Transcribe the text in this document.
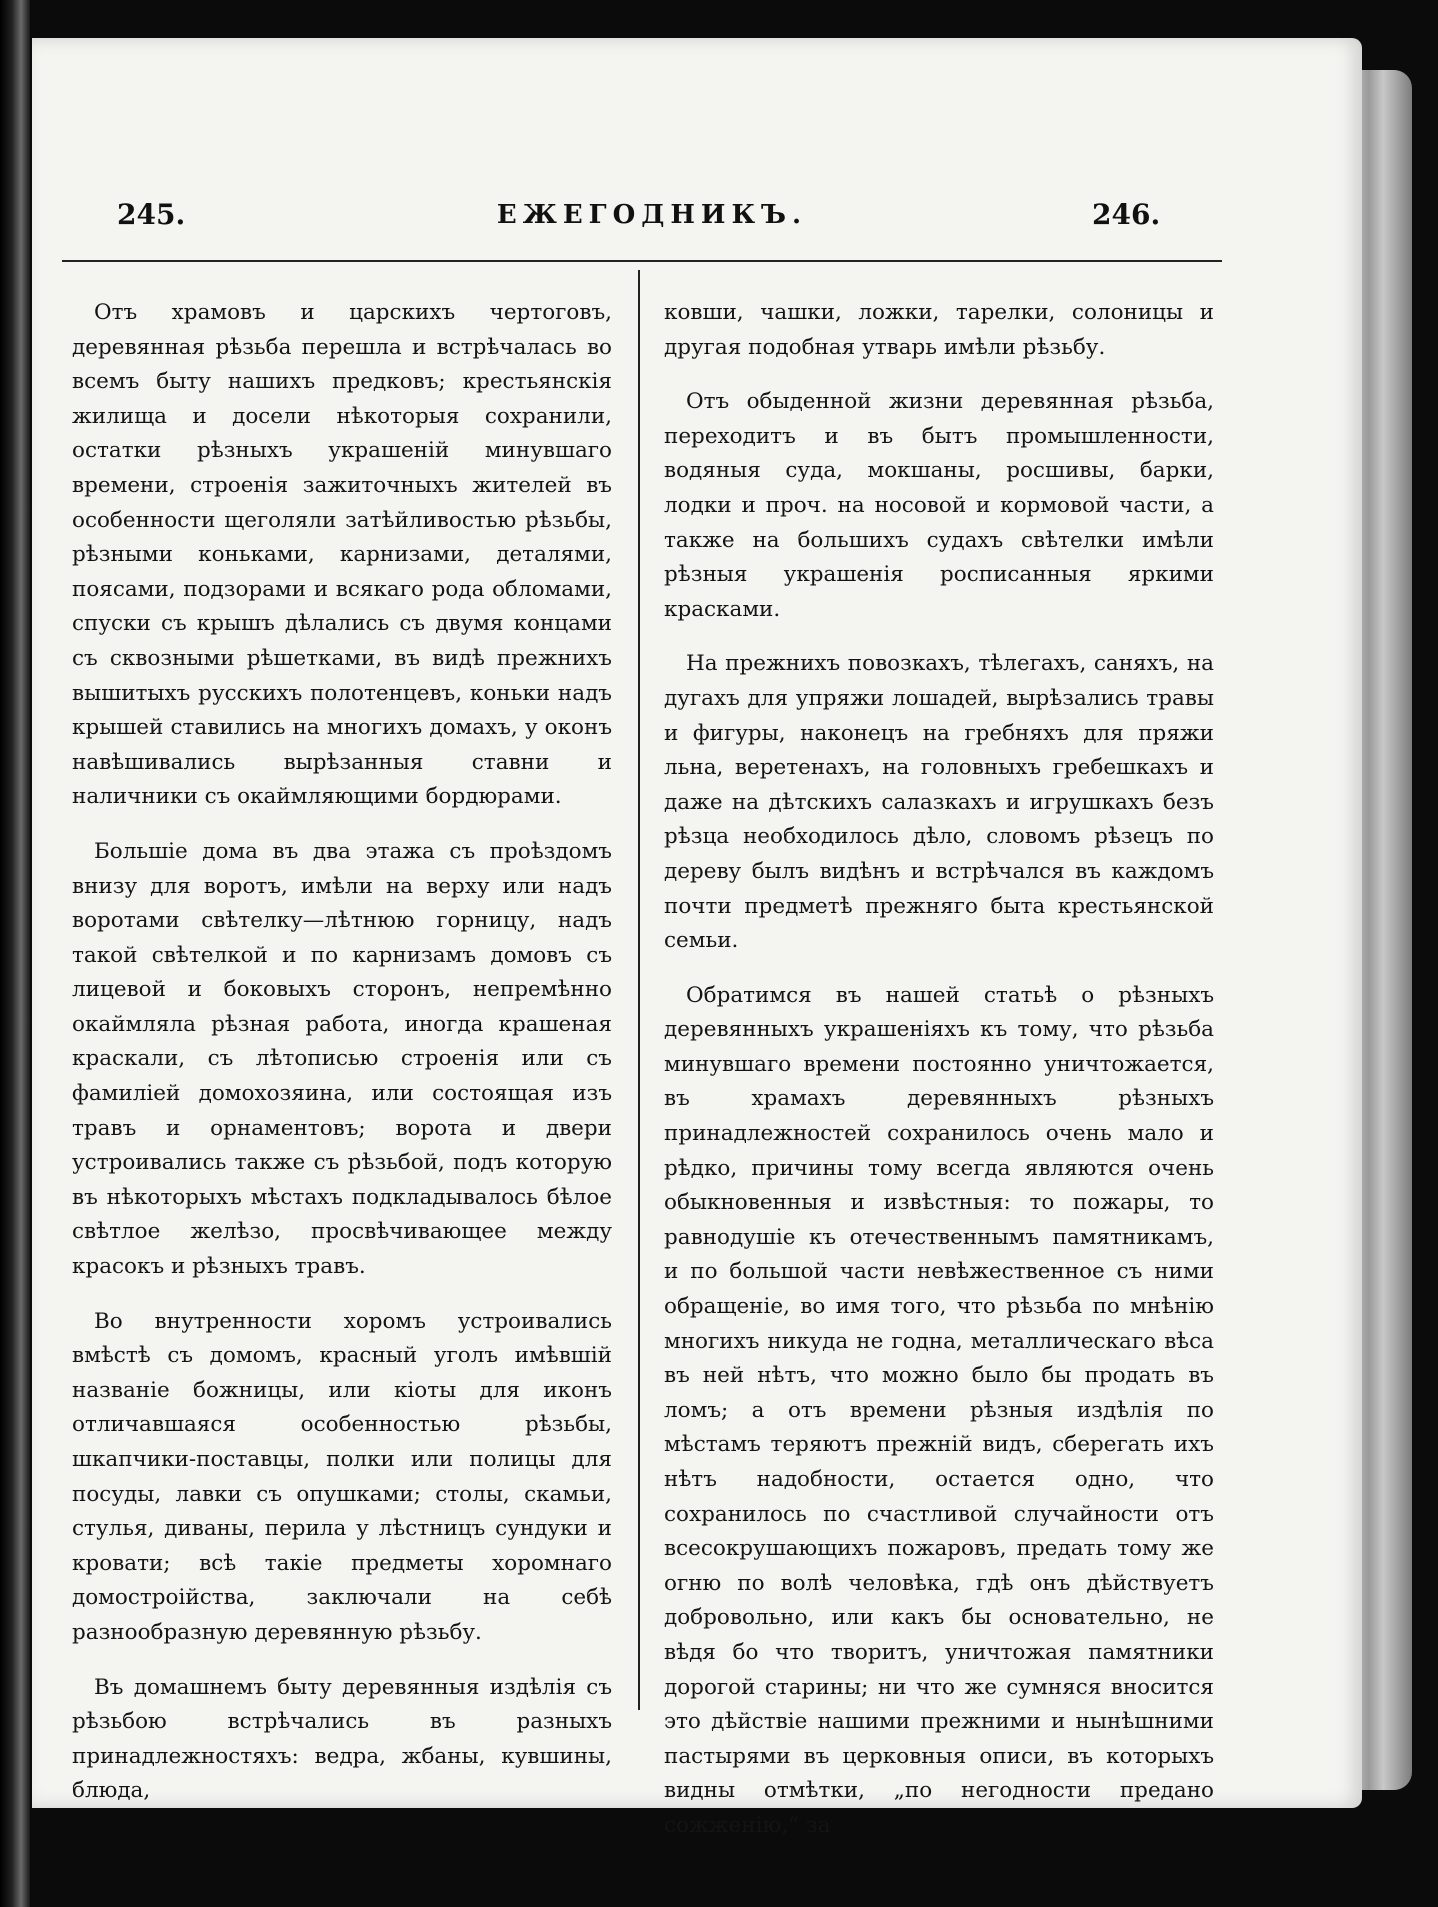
245.	ЕЖЕГОДНИКЪ.	246.

Отъ храмовъ и царскихъ чертоговъ, деревянная рѣзьба перешла и встрѣчалась во всемъ быту нашихъ предковъ; крестьянскія жилища и досели нѣкоторыя сохранили, остатки рѣзныхъ украшеній минувшаго времени, строенія зажиточныхъ жителей въ особенности щеголяли затѣйливостью рѣзьбы, рѣзными коньками, карнизами, деталями, поясами, подзорами и всякаго рода обломами, спуски съ крышъ дѣлались съ двумя концами съ сквозными рѣшетками, въ видѣ прежнихъ вышитыхъ русскихъ полотенцевъ, коньки надъ крышей ставились на многихъ домахъ, у оконъ навѣшивались вырѣзанныя ставни и наличники съ окаймляющими бордюрами.

Большіе дома въ два этажа съ проѣздомъ внизу для воротъ, имѣли на верху или надъ воротами свѣтелку—лѣтнюю горницу, надъ такой свѣтелкой и по карнизамъ домовъ съ лицевой и боковыхъ сторонъ, непремѣнно окаймляла рѣзная работа, иногда крашеная краскали, съ лѣтописью строенія или съ фамиліей домохозяина, или состоящая изъ травъ и орнаментовъ; ворота и двери устроивались также съ рѣзьбой, подъ которую въ нѣкоторыхъ мѣстахъ подкладывалось бѣлое свѣтлое желѣзо, просвѣчивающее между красокъ и рѣзныхъ травъ.

Во внутренности хоромъ устроивались вмѣстѣ съ домомъ, красный уголъ имѣвшій названіе божницы, или кіоты для иконъ отличавшаяся особенностью рѣзьбы, шкапчики-поставцы, полки или полицы для посуды, лавки съ опушками; столы, скамьи, стулья, диваны, перила у лѣстницъ сундуки и кровати; всѣ такіе предметы хоромнаго домостроійства, заключали на себѣ разнообразную деревянную рѣзьбу.

Въ домашнемъ быту деревянныя издѣлія съ рѣзьбою встрѣчались въ разныхъ принадлежностяхъ: ведра, жбаны, кувшины, блюда,

ковши, чашки, ложки, тарелки, солоницы и другая подобная утварь имѣли рѣзьбу.

Отъ обыденной жизни деревянная рѣзьба, переходитъ и въ бытъ промышленности, водяныя суда, мокшаны, росшивы, барки, лодки и проч. на носовой и кормовой части, а также на большихъ судахъ свѣтелки имѣли рѣзныя украшенія росписанныя яркими красками.

На прежнихъ повозкахъ, тѣлегахъ, саняхъ, на дугахъ для упряжи лошадей, вырѣзались травы и фигуры, наконецъ на гребняхъ для пряжи льна, веретенахъ, на головныхъ гребешкахъ и даже на дѣтскихъ салазкахъ и игрушкахъ безъ рѣзца необходилось дѣло, словомъ рѣзецъ по дереву былъ видѣнъ и встрѣчался въ каждомъ почти предметѣ прежняго быта крестьянской семьи.

Обратимся въ нашей статьѣ о рѣзныхъ деревянныхъ украшеніяхъ къ тому, что рѣзьба минувшаго времени постоянно уничтожается, въ храмахъ деревянныхъ рѣзныхъ принадлежностей сохранилось очень мало и рѣдко, причины тому всегда являются очень обыкновенныя и извѣстныя: то пожары, то равнодушіе къ отечественнымъ памятникамъ, и по большой части невѣжественное съ ними обращеніе, во имя того, что рѣзьба по мнѣнію многихъ никуда не годна, металлическаго вѣса въ ней нѣтъ, что можно было бы продать въ ломъ; а отъ времени рѣзныя издѣлія по мѣстамъ теряютъ прежній видъ, сберегать ихъ нѣтъ надобности, остается одно, что сохранилось по счастливой случайности отъ всесокрушающихъ пожаровъ, предать тому же огню по волѣ человѣка, гдѣ онъ дѣйствуетъ добровольно, или какъ бы основательно, не вѣдя бо что творитъ, уничтожая памятники дорогой старины; ни что же сумняся вносится это дѣйствіе нашими прежними и нынѣшними пастырями въ церковныя описи, въ которыхъ видны отмѣтки, „по негодности предано сожженію,“ за
